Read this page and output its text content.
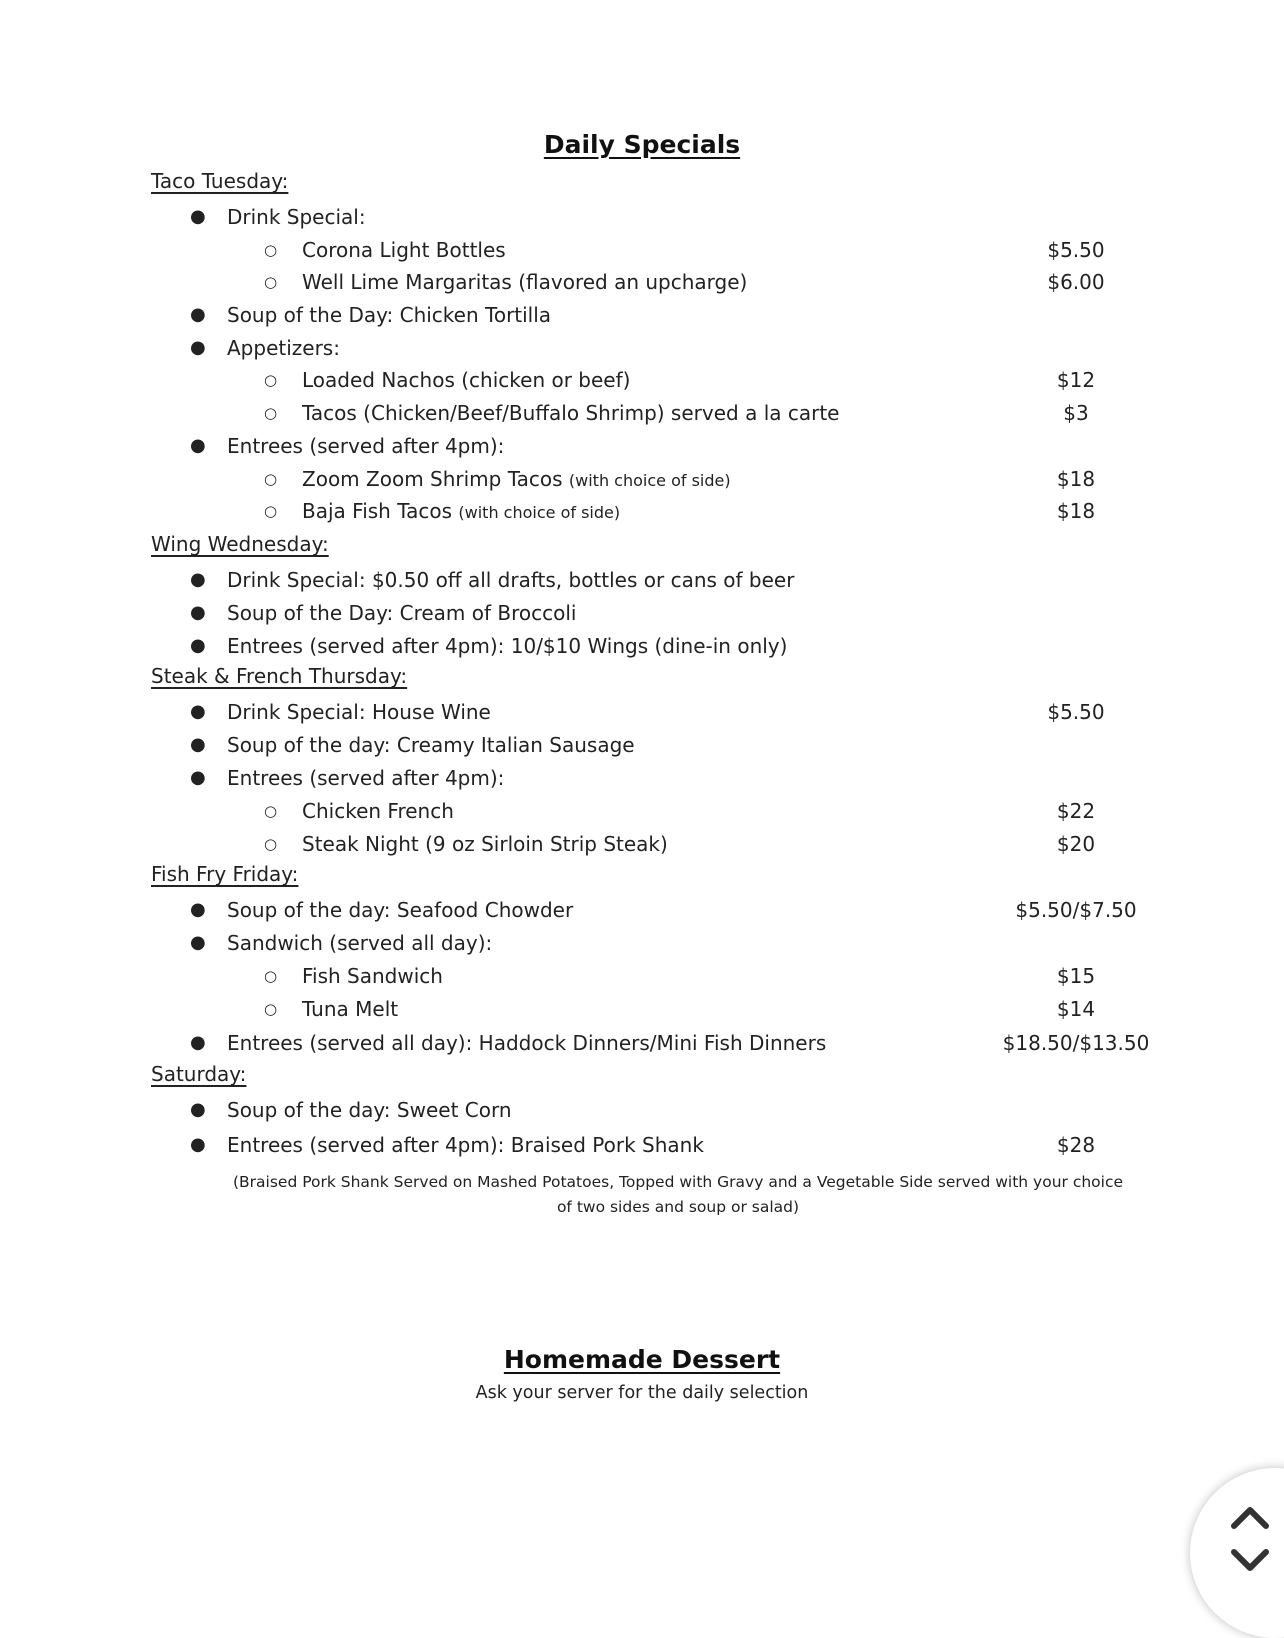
Daily Specials
Taco Tuesday:
● Drink Special:
○ Corona Light Bottles	$5.50
○ Well Lime Margaritas (flavored an upcharge)	$6.00
● Soup of the Day: Chicken Tortilla
● Appetizers:
○ Loaded Nachos (chicken or beef)	$12
○ Tacos (Chicken/Beef/Buffalo Shrimp) served a la carte	$3
● Entrees (served after 4pm):
○ Zoom Zoom Shrimp Tacos (with choice of side)	$18
○ Baja Fish Tacos (with choice of side)	$18
Wing Wednesday:
● Drink Special: $0.50 off all drafts, bottles or cans of beer
● Soup of the Day: Cream of Broccoli
● Entrees (served after 4pm): 10/$10 Wings (dine-in only)
Steak & French Thursday:
● Drink Special: House Wine	$5.50
● Soup of the day: Creamy Italian Sausage
● Entrees (served after 4pm):
○ Chicken French	$22
○ Steak Night (9 oz Sirloin Strip Steak)	$20
Fish Fry Friday:
● Soup of the day: Seafood Chowder	$5.50/$7.50
● Sandwich (served all day):
○ Fish Sandwich	$15
○ Tuna Melt	$14
● Entrees (served all day): Haddock Dinners/Mini Fish Dinners	$18.50/$13.50
Saturday:
● Soup of the day: Sweet Corn
● Entrees (served after 4pm): Braised Pork Shank	$28
(Braised Pork Shank Served on Mashed Potatoes, Topped with Gravy and a Vegetable Side served with your choice of two sides and soup or salad)
Homemade Dessert
Ask your server for the daily selection
